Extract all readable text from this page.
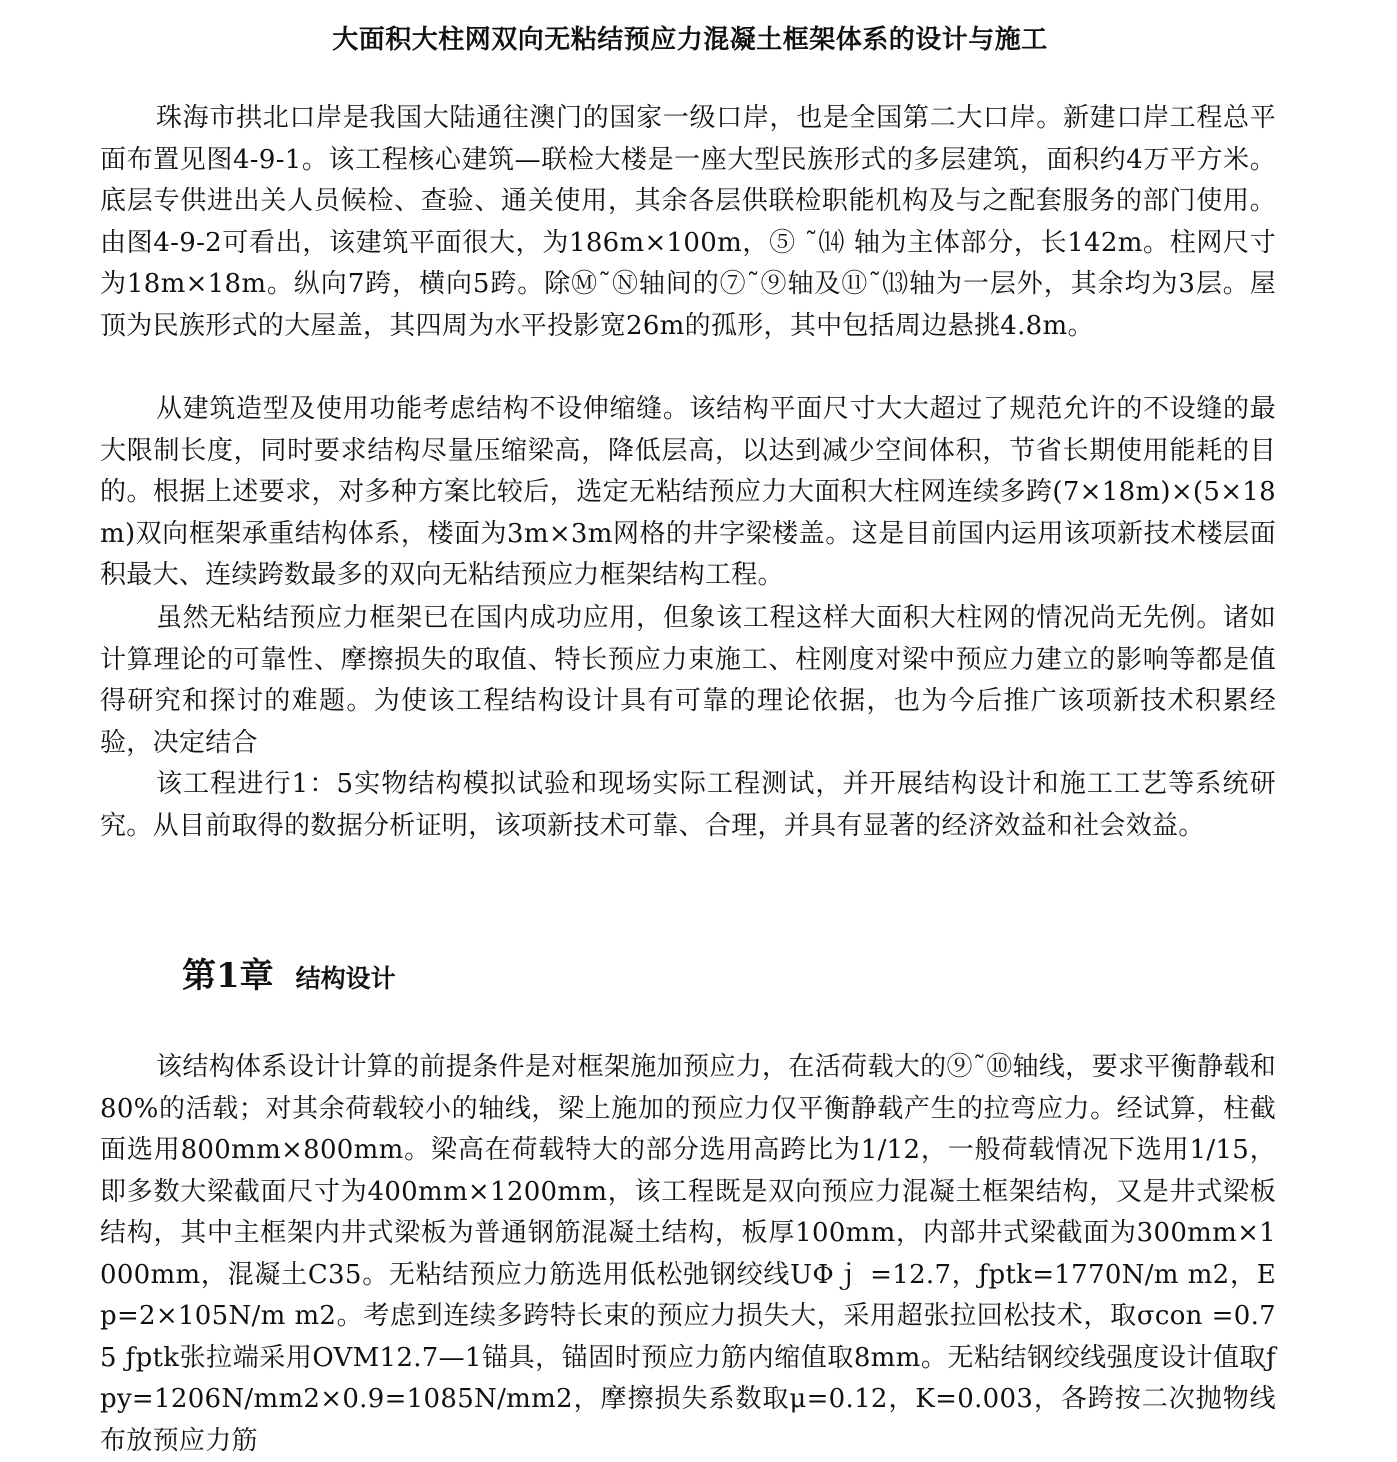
大面积大柱网双向无粘结预应力混凝土框架体系的设计与施工

珠海市拱北口岸是我国大陆通往澳门的国家一级口岸，也是全国第二大口岸。新建口岸工程总平面布置见图4-9-1。该工程核心建筑—联检大楼是一座大型民族形式的多层建筑，面积约4万平方米。底层专供进出关人员候检、查验、通关使用，其余各层供联检职能机构及与之配套服务的部门使用。由图4-9-2可看出，该建筑平面很大，为186m×100m，⑤ ˜⒁ 轴为主体部分，长142m。柱网尺寸为18m×18m。纵向7跨，横向5跨。除Ⓜ˜Ⓝ轴间的⑦˜⑨轴及⑪˜⒀轴为一层外，其余均为3层。屋顶为民族形式的大屋盖，其四周为水平投影宽26m的孤形，其中包括周边悬挑4.8m。

从建筑造型及使用功能考虑结构不设伸缩缝。该结构平面尺寸大大超过了规范允许的不设缝的最大限制长度，同时要求结构尽量压缩梁高，降低层高，以达到减少空间体积，节省长期使用能耗的目的。根据上述要求，对多种方案比较后，选定无粘结预应力大面积大柱网连续多跨(7×18m)×(5×18m)双向框架承重结构体系，楼面为3m×3m网格的井字梁楼盖。这是目前国内运用该项新技术楼层面积最大、连续跨数最多的双向无粘结预应力框架结构工程。

虽然无粘结预应力框架已在国内成功应用，但象该工程这样大面积大柱网的情况尚无先例。诸如计算理论的可靠性、摩擦损失的取值、特长预应力束施工、柱刚度对梁中预应力建立的影响等都是值得研究和探讨的难题。为使该工程结构设计具有可靠的理论依据，也为今后推广该项新技术积累经验，决定结合

该工程进行1：5实物结构模拟试验和现场实际工程测试，并开展结构设计和施工工艺等系统研究。从目前取得的数据分析证明，该项新技术可靠、合理，并具有显著的经济效益和社会效益。

第1章 结构设计

该结构体系设计计算的前提条件是对框架施加预应力，在活荷载大的⑨˜⑩轴线，要求平衡静载和80%的活载；对其余荷载较小的轴线，梁上施加的预应力仅平衡静载产生的拉弯应力。经试算，柱截面选用800mm×800mm。梁高在荷载特大的部分选用高跨比为1/12，一般荷载情况下选用1/15，即多数大梁截面尺寸为400mm×1200mm，该工程既是双向预应力混凝土框架结构，又是井式梁板结构，其中主框架内井式梁板为普通钢筋混凝土结构，板厚100mm，内部井式梁截面为300mm×1000mm，混凝土C35。无粘结预应力筋选用低松弛钢绞线UΦｊ =12.7，ƒptk=1770N/m m2，Ep=2×105N/m m2。考虑到连续多跨特长束的预应力损失大，采用超张拉回松技术，取σcon =0.75 ƒptk张拉端采用OVM12.7—1锚具，锚固时预应力筋内缩值取8mm。无粘结钢绞线强度设计值取ƒpy=1206N/mm2×0.9=1085N/mm2，摩擦损失系数取μ=0.12，K=0.003，各跨按二次抛物线布放预应力筋
